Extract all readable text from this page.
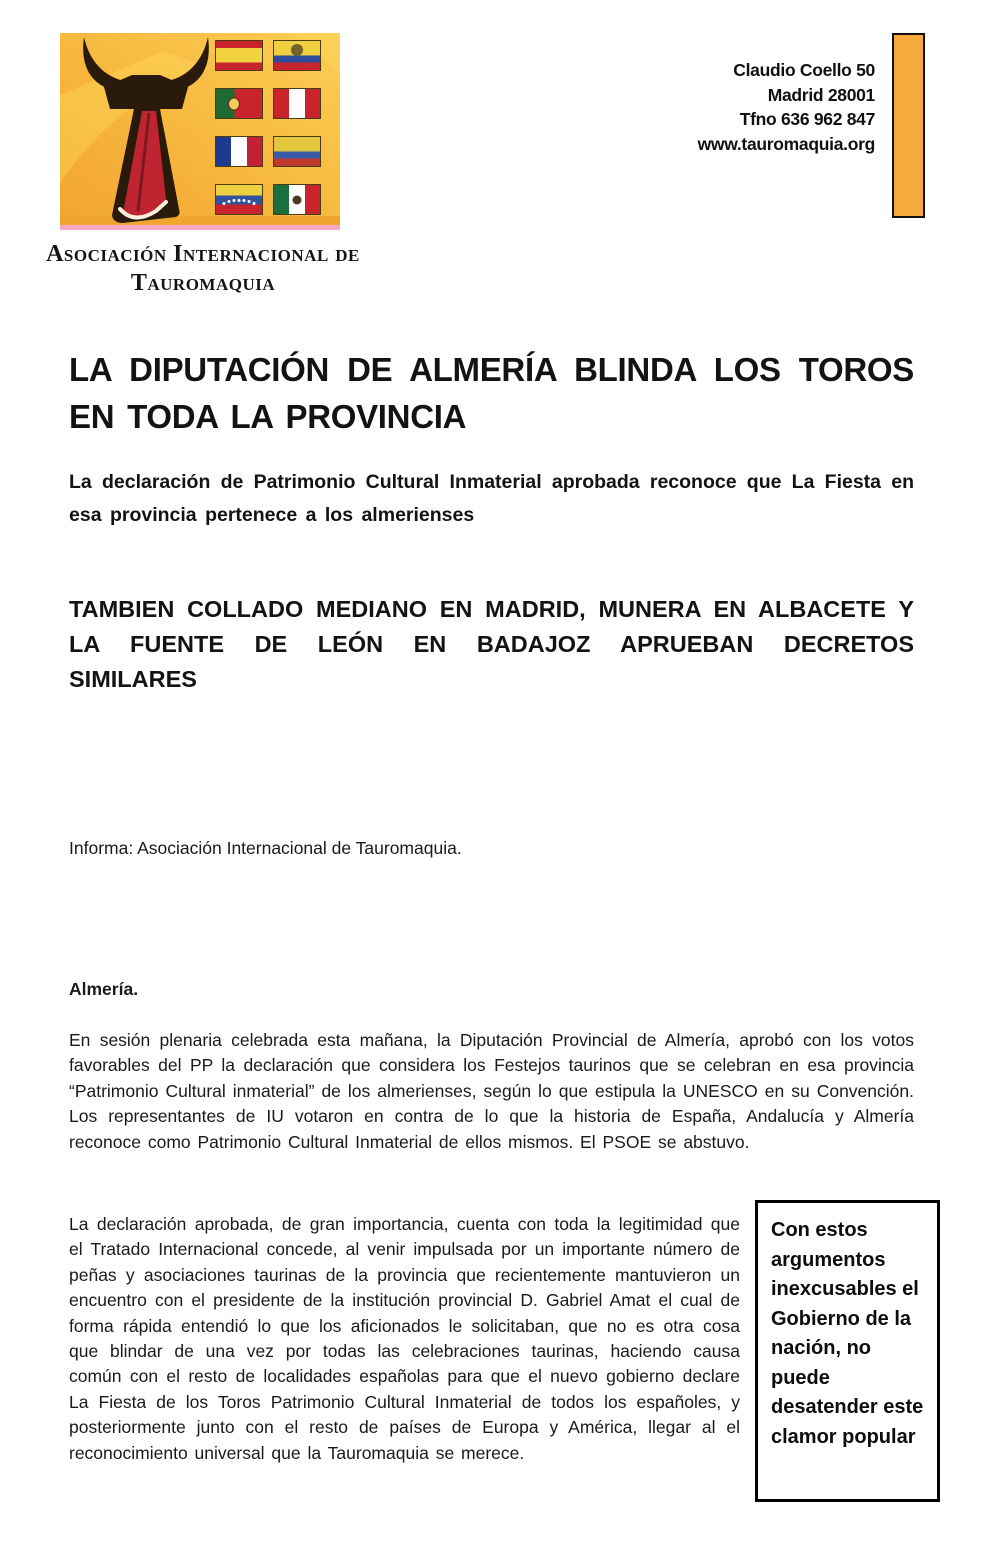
Asociación Internacional de Tauromaquia
Claudio Coello 50
Madrid 28001
Tfno 636 962 847
www.tauromaquia.org
LA DIPUTACIÓN DE ALMERÍA BLINDA LOS TOROS EN TODA LA PROVINCIA
La declaración de Patrimonio Cultural Inmaterial aprobada reconoce que La Fiesta en esa provincia pertenece a los almerienses
TAMBIEN COLLADO MEDIANO EN MADRID, MUNERA EN ALBACETE Y LA FUENTE DE LEÓN EN BADAJOZ APRUEBAN DECRETOS SIMILARES
Informa: Asociación Internacional de Tauromaquia.
Almería.
En sesión plenaria celebrada esta mañana, la Diputación Provincial de Almería, aprobó con los votos favorables del PP la declaración que considera los Festejos taurinos que se celebran en esa provincia “Patrimonio Cultural inmaterial” de los almerienses, según lo que estipula la UNESCO en su Convención. Los representantes de IU votaron en contra de lo que la historia de España, Andalucía y Almería reconoce como Patrimonio Cultural Inmaterial de ellos mismos. El PSOE se abstuvo.
La declaración aprobada, de gran importancia, cuenta con toda la legitimidad que el Tratado Internacional concede, al venir impulsada por un importante número de peñas y asociaciones taurinas de la provincia que recientemente mantuvieron un encuentro con el presidente de la institución provincial D. Gabriel Amat el cual de forma rápida entendió lo que los aficionados le solicitaban, que no es otra cosa que blindar de una vez por todas las celebraciones taurinas, haciendo causa común con el resto de localidades españolas para que el nuevo gobierno declare La Fiesta de los Toros Patrimonio Cultural Inmaterial de todos los españoles, y posteriormente junto con el resto de países de Europa y América, llegar al el reconocimiento universal que la Tauromaquia se merece.
Con estos argumentos inexcusables el Gobierno de la nación, no puede desatender este clamor popular
